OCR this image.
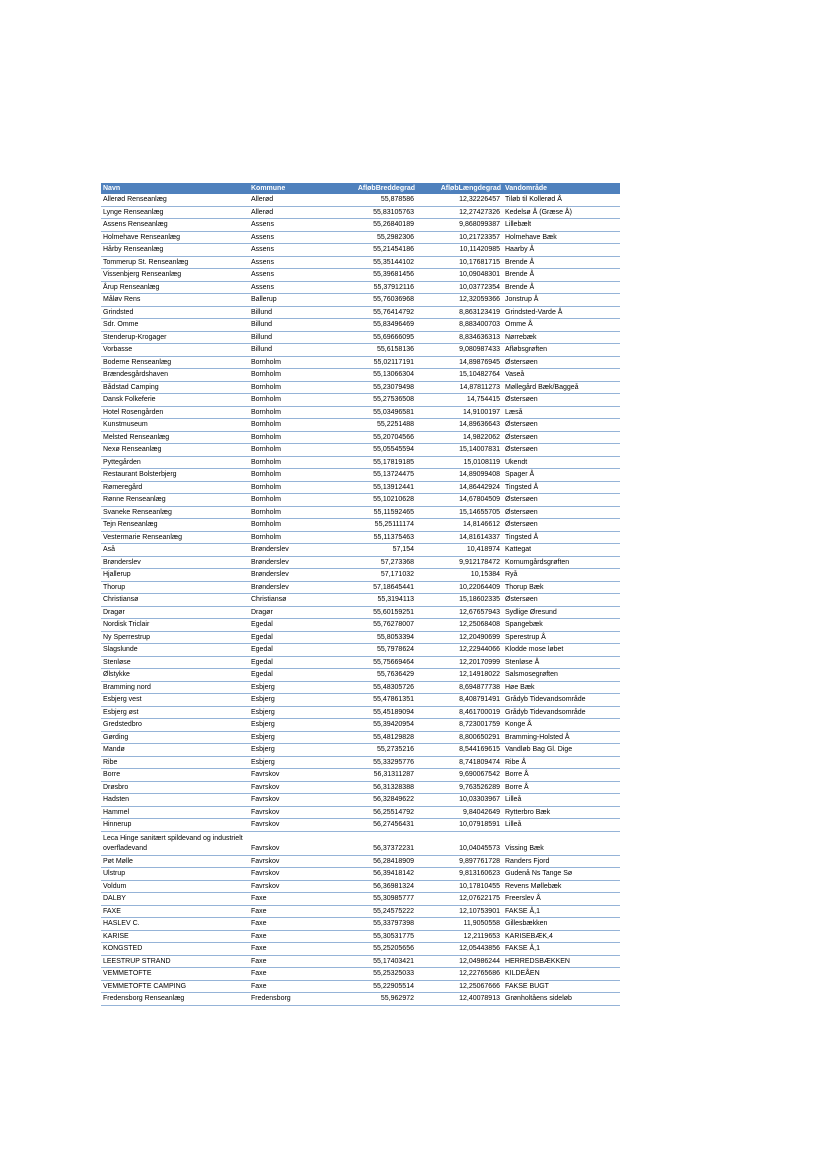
Navn	Kommune	AfløbBreddegrad	AfløbLængdegrad	Vandområde
Allerød Renseanlæg	Allerød	55,878586	12,32226457	Tiløb til Kollerød Å
Lynge Renseanlæg	Allerød	55,83105763	12,27427326	Kedelsø Å (Græse Å)
Assens Renseanlæg	Assens	55,26840189	9,868099387	Lillebælt
Holmehave Renseanlæg	Assens	55,2982306	10,21723357	Holmehave Bæk
Hårby Renseanlæg	Assens	55,21454186	10,11420985	Haarby Å
Tommerup St. Renseanlæg	Assens	55,35144102	10,17681715	Brende Å
Vissenbjerg Renseanlæg	Assens	55,39681456	10,09048301	Brende Å
Årup Renseanlæg	Assens	55,37912116	10,03772354	Brende Å
Måløv Rens	Ballerup	55,76036968	12,32059366	Jonstrup Å
Grindsted	Billund	55,76414792	8,863123419	Grindsted-Varde Å
Sdr. Omme	Billund	55,83496469	8,883400703	Omme Å
Stenderup-Krogager	Billund	55,69666095	8,834636313	Nørrebæk
Vorbasse	Billund	55,6158136	9,080987433	Afløbsgrøften
Boderne Renseanlæg	Bornholm	55,02117191	14,89876945	Østersøen
Brændesgårdshaven	Bornholm	55,13066304	15,10482764	Vaseå
Bådstad Camping	Bornholm	55,23079498	14,87811273	Møllegård Bæk/Baggeå
Dansk Folkeferie	Bornholm	55,27536508	14,754415	Østersøen
Hotel Rosengården	Bornholm	55,03496581	14,9100197	Læså
Kunstmuseum	Bornholm	55,2251488	14,89636643	Østersøen
Melsted Renseanlæg	Bornholm	55,20704566	14,9822062	Østersøen
Nexø Renseanlæg	Bornholm	55,05545594	15,14007831	Østersøen
Pyttegården	Bornholm	55,17819185	15,0108119	Ukendt
Restaurant Bolsterbjerg	Bornholm	55,13724475	14,89099408	Spager Å
Rømeregård	Bornholm	55,13912441	14,86442924	Tingsted Å
Rønne Renseanlæg	Bornholm	55,10210628	14,67804509	Østersøen
Svaneke Renseanlæg	Bornholm	55,11592465	15,14655705	Østersøen
Tejn Renseanlæg	Bornholm	55,25111174	14,8146612	Østersøen
Vestermarie Renseanlæg	Bornholm	55,11375463	14,81614337	Tingsted Å
Aså	Brønderslev	57,154	10,418974	Kattegat
Brønderslev	Brønderslev	57,273368	9,912178472	Kornumgårdsgrøften
Hjallerup	Brønderslev	57,171032	10,15384	Ryå
Thorup	Brønderslev	57,18645441	10,22064409	Thorup Bæk
Christiansø	Christiansø	55,3194113	15,18602335	Østersøen
Dragør	Dragør	55,60159251	12,67657943	Sydlige Øresund
Nordisk Triclair	Egedal	55,76278007	12,25068408	Spangebæk
Ny Sperrestrup	Egedal	55,8053394	12,20490699	Sperestrup Å
Slagslunde	Egedal	55,7978624	12,22944066	Klodde mose løbet
Stenløse	Egedal	55,75669464	12,20170999	Stenløse Å
Ølstykke	Egedal	55,7636429	12,14918022	Salsmosegrøften
Bramming nord	Esbjerg	55,48305726	8,694877738	Høe Bæk
Esbjerg vest	Esbjerg	55,47861351	8,408791491	Grådyb Tidevandsområde
Esbjerg øst	Esbjerg	55,45189094	8,461700019	Grådyb Tidevandsområde
Gredstedbro	Esbjerg	55,39420954	8,723001759	Konge Å
Gørding	Esbjerg	55,48129828	8,800650291	Bramming-Holsted Å
Mandø	Esbjerg	55,2735216	8,544169615	Vandløb Bag Gl. Dige
Ribe	Esbjerg	55,33295776	8,741809474	Ribe Å
Borre	Favrskov	56,31311287	9,690067542	Borre Å
Drøsbro	Favrskov	56,31328388	9,763526289	Borre Å
Hadsten	Favrskov	56,32849622	10,03303967	Lilleå
Hammel	Favrskov	56,25514792	9,84042649	Rytterbro Bæk
Hinnerup	Favrskov	56,27456431	10,07918591	Lilleå
Leca Hinge sanitært spildevand og industrielt overfladevand	Favrskov	56,37372231	10,04045573	Vissing Bæk
Pøt Mølle	Favrskov	56,28418909	9,897761728	Randers Fjord
Ulstrup	Favrskov	56,39418142	9,813160623	Gudenå Ns Tange Sø
Voldum	Favrskov	56,36981324	10,17810455	Revens Møllebæk
DALBY	Faxe	55,30985777	12,07622175	Freerslev Å
FAXE	Faxe	55,24575222	12,10753901	FAKSE Å,1
HASLEV C.	Faxe	55,33797398	11,9050558	Gillesbækken
KARISE	Faxe	55,30531775	12,2119653	KARISEBÆK,4
KONGSTED	Faxe	55,25205656	12,05443856	FAKSE Å,1
LEESTRUP STRAND	Faxe	55,17403421	12,04986244	HERREDSBÆKKEN
VEMMETOFTE	Faxe	55,25325033	12,22765686	KILDEÅEN
VEMMETOFTE CAMPING	Faxe	55,22905514	12,25067666	FAKSE BUGT
Fredensborg Renseanlæg	Fredensborg	55,962972	12,40078913	Grønholtåens sideløb
